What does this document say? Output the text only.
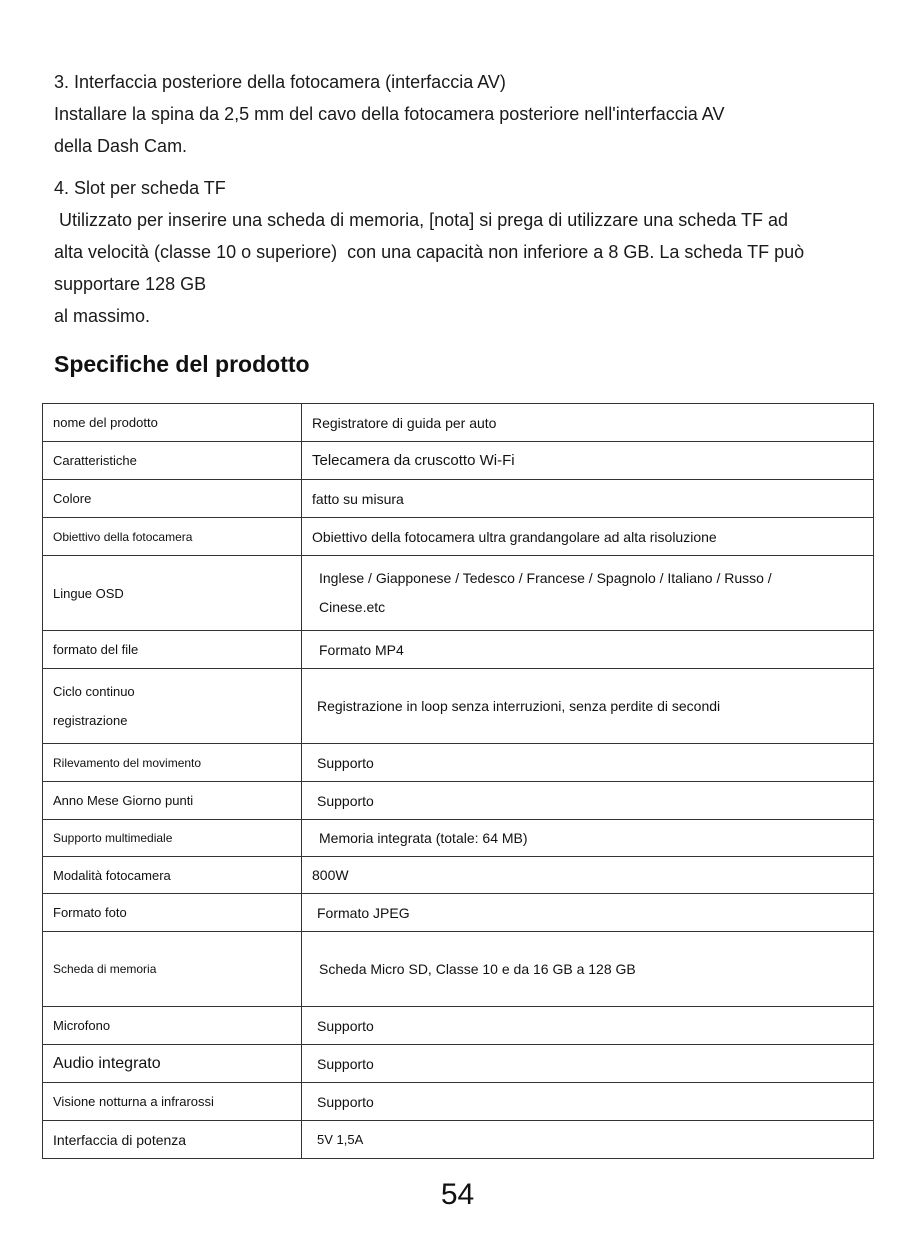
3. Interfaccia posteriore della fotocamera (interfaccia AV)

Installare la spina da 2,5 mm del cavo della fotocamera posteriore nell'interfaccia AV

della Dash Cam.

4. Slot per scheda TF

Utilizzato per inserire una scheda di memoria, [nota] si prega di utilizzare una scheda TF ad

alta velocità (classe 10 o superiore)  con una capacità non inferiore a 8 GB. La scheda TF può

supportare 128 GB

al massimo.

Specifiche del prodotto
nome del prodotto	Registratore di guida per auto
Caratteristiche	Telecamera da cruscotto Wi-Fi
Colore	fatto su misura
Obiettivo della fotocamera	Obiettivo della fotocamera ultra grandangolare ad alta risoluzione
Lingue OSD	Inglese / Giapponese / Tedesco / Francese / Spagnolo / Italiano / Russo /
Cinese.etc

formato del file	Formato MP4

Ciclo continuo
registrazione	Registrazione in loop senza interruzioni, senza perdite di secondi
Rilevamento del movimento	Supporto
Anno Mese Giorno punti	Supporto
Supporto multimediale	Memoria integrata (totale: 64 MB)
Modalità fotocamera	800W
Formato foto	Formato JPEG
Scheda di memoria	Scheda Micro SD, Classe 10 e da 16 GB a 128 GB
Microfono	Supporto
Audio integrato	Supporto
Visione notturna a infrarossi	Supporto
Interfaccia di potenza	5V 1,5A
54
